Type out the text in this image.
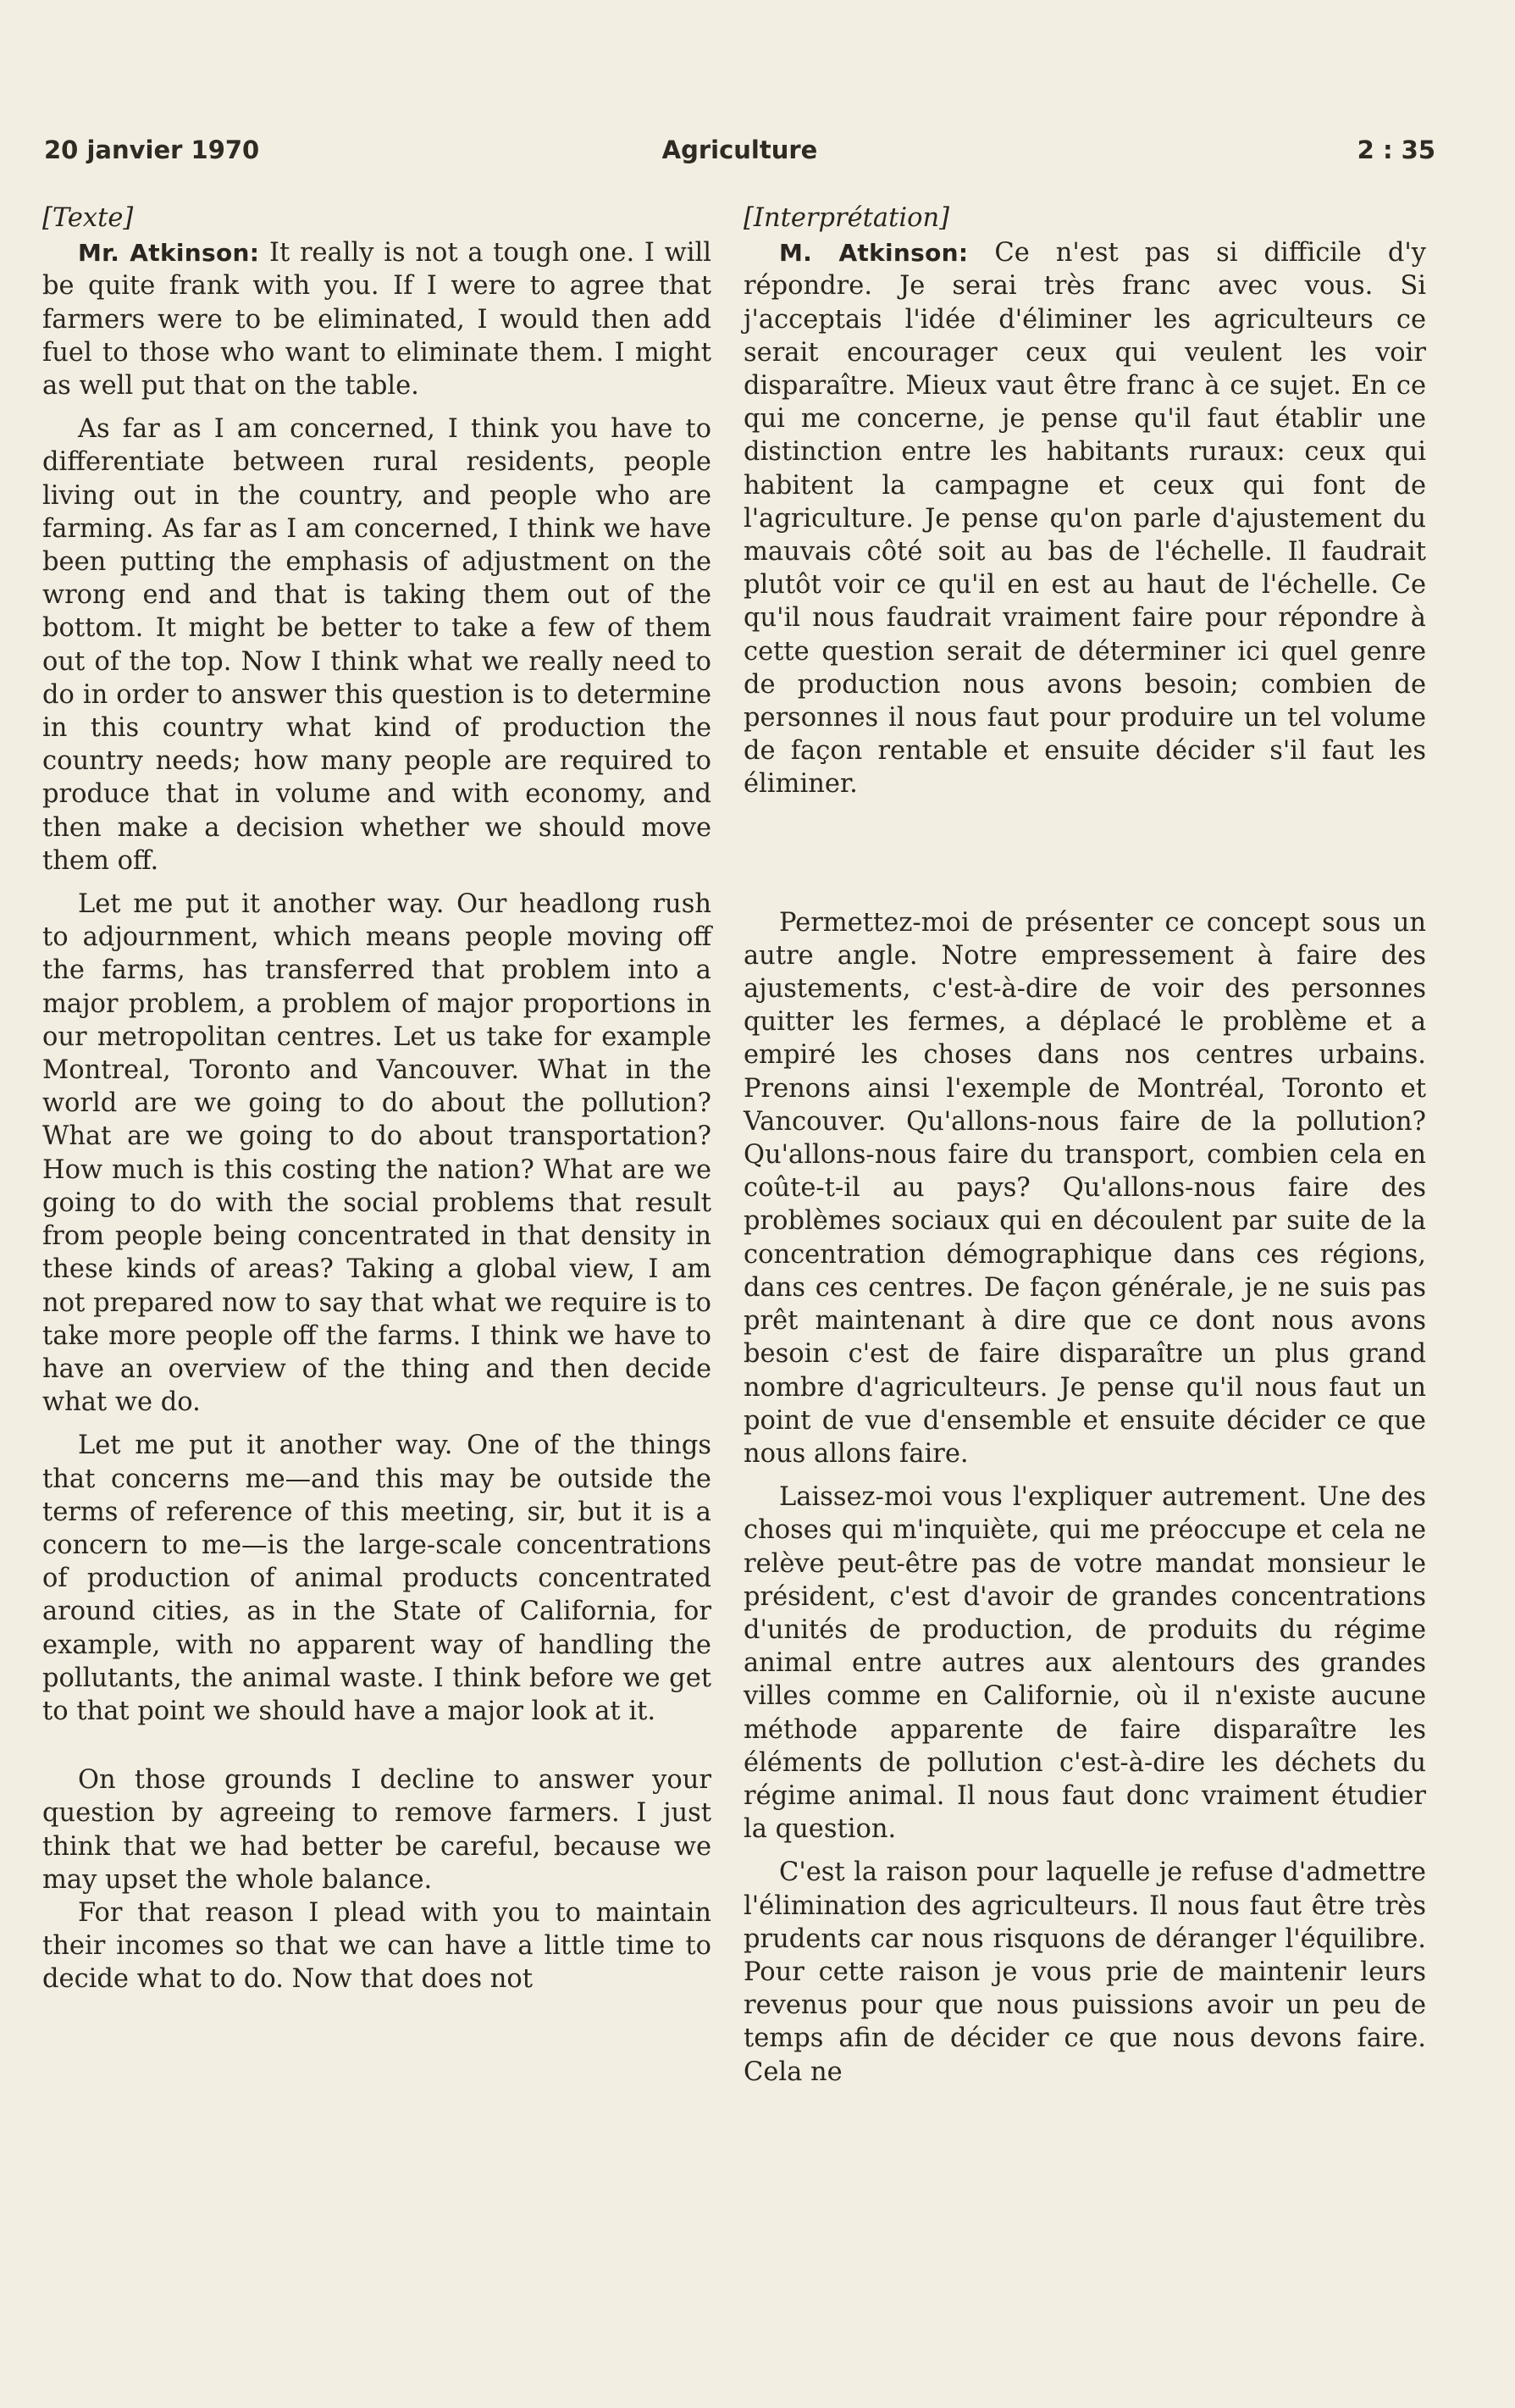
20 janvier 1970	Agriculture	2 : 35

[Texte]

Mr. Atkinson: It really is not a tough one. I will be quite frank with you. If I were to agree that farmers were to be eliminated, I would then add fuel to those who want to eliminate them. I might as well put that on the table.

As far as I am concerned, I think you have to differentiate between rural residents, people living out in the country, and people who are farming. As far as I am concerned, I think we have been putting the emphasis of adjustment on the wrong end and that is taking them out of the bottom. It might be better to take a few of them out of the top. Now I think what we really need to do in order to answer this question is to determine in this country what kind of production the country needs; how many people are required to produce that in volume and with economy, and then make a decision whether we should move them off.

Let me put it another way. Our headlong rush to adjournment, which means people moving off the farms, has transferred that problem into a major problem, a problem of major proportions in our metropolitan centres. Let us take for example Montreal, Toronto and Vancouver. What in the world are we going to do about the pollution? What are we going to do about transportation? How much is this costing the nation? What are we going to do with the social problems that result from people being concentrated in that density in these kinds of areas? Taking a global view, I am not prepared now to say that what we require is to take more people off the farms. I think we have to have an overview of the thing and then decide what we do.

Let me put it another way. One of the things that concerns me—and this may be outside the terms of reference of this meeting, sir, but it is a concern to me—is the large-scale concentrations of production of animal products concentrated around cities, as in the State of California, for example, with no apparent way of handling the pollutants, the animal waste. I think before we get to that point we should have a major look at it.

On those grounds I decline to answer your question by agreeing to remove farmers. I just think that we had better be careful, because we may upset the whole balance.

For that reason I plead with you to maintain their incomes so that we can have a little time to decide what to do. Now that does not

[Interprétation]

M. Atkinson: Ce n'est pas si difficile d'y répondre. Je serai très franc avec vous. Si j'acceptais l'idée d'éliminer les agriculteurs ce serait encourager ceux qui veulent les voir disparaître. Mieux vaut être franc à ce sujet. En ce qui me concerne, je pense qu'il faut établir une distinction entre les habitants ruraux: ceux qui habitent la campagne et ceux qui font de l'agriculture. Je pense qu'on parle d'ajustement du mauvais côté soit au bas de l'échelle. Il faudrait plutôt voir ce qu'il en est au haut de l'échelle. Ce qu'il nous faudrait vraiment faire pour répondre à cette question serait de déterminer ici quel genre de production nous avons besoin; combien de personnes il nous faut pour produire un tel volume de façon rentable et ensuite décider s'il faut les éliminer.

Permettez-moi de présenter ce concept sous un autre angle. Notre empressement à faire des ajustements, c'est-à-dire de voir des personnes quitter les fermes, a déplacé le problème et a empiré les choses dans nos centres urbains. Prenons ainsi l'exemple de Montréal, Toronto et Vancouver. Qu'allons-nous faire de la pollution? Qu'allons-nous faire du transport, combien cela en coûte-t-il au pays? Qu'allons-nous faire des problèmes sociaux qui en découlent par suite de la concentration démographique dans ces régions, dans ces centres. De façon générale, je ne suis pas prêt maintenant à dire que ce dont nous avons besoin c'est de faire disparaître un plus grand nombre d'agriculteurs. Je pense qu'il nous faut un point de vue d'ensemble et ensuite décider ce que nous allons faire.

Laissez-moi vous l'expliquer autrement. Une des choses qui m'inquiète, qui me préoccupe et cela ne relève peut-être pas de votre mandat monsieur le président, c'est d'avoir de grandes concentrations d'unités de production, de produits du régime animal entre autres aux alentours des grandes villes comme en Californie, où il n'existe aucune méthode apparente de faire disparaître les éléments de pollution c'est-à-dire les déchets du régime animal. Il nous faut donc vraiment étudier la question.

C'est la raison pour laquelle je refuse d'admettre l'élimination des agriculteurs. Il nous faut être très prudents car nous risquons de déranger l'équilibre. Pour cette raison je vous prie de maintenir leurs revenus pour que nous puissions avoir un peu de temps afin de décider ce que nous devons faire. Cela ne
